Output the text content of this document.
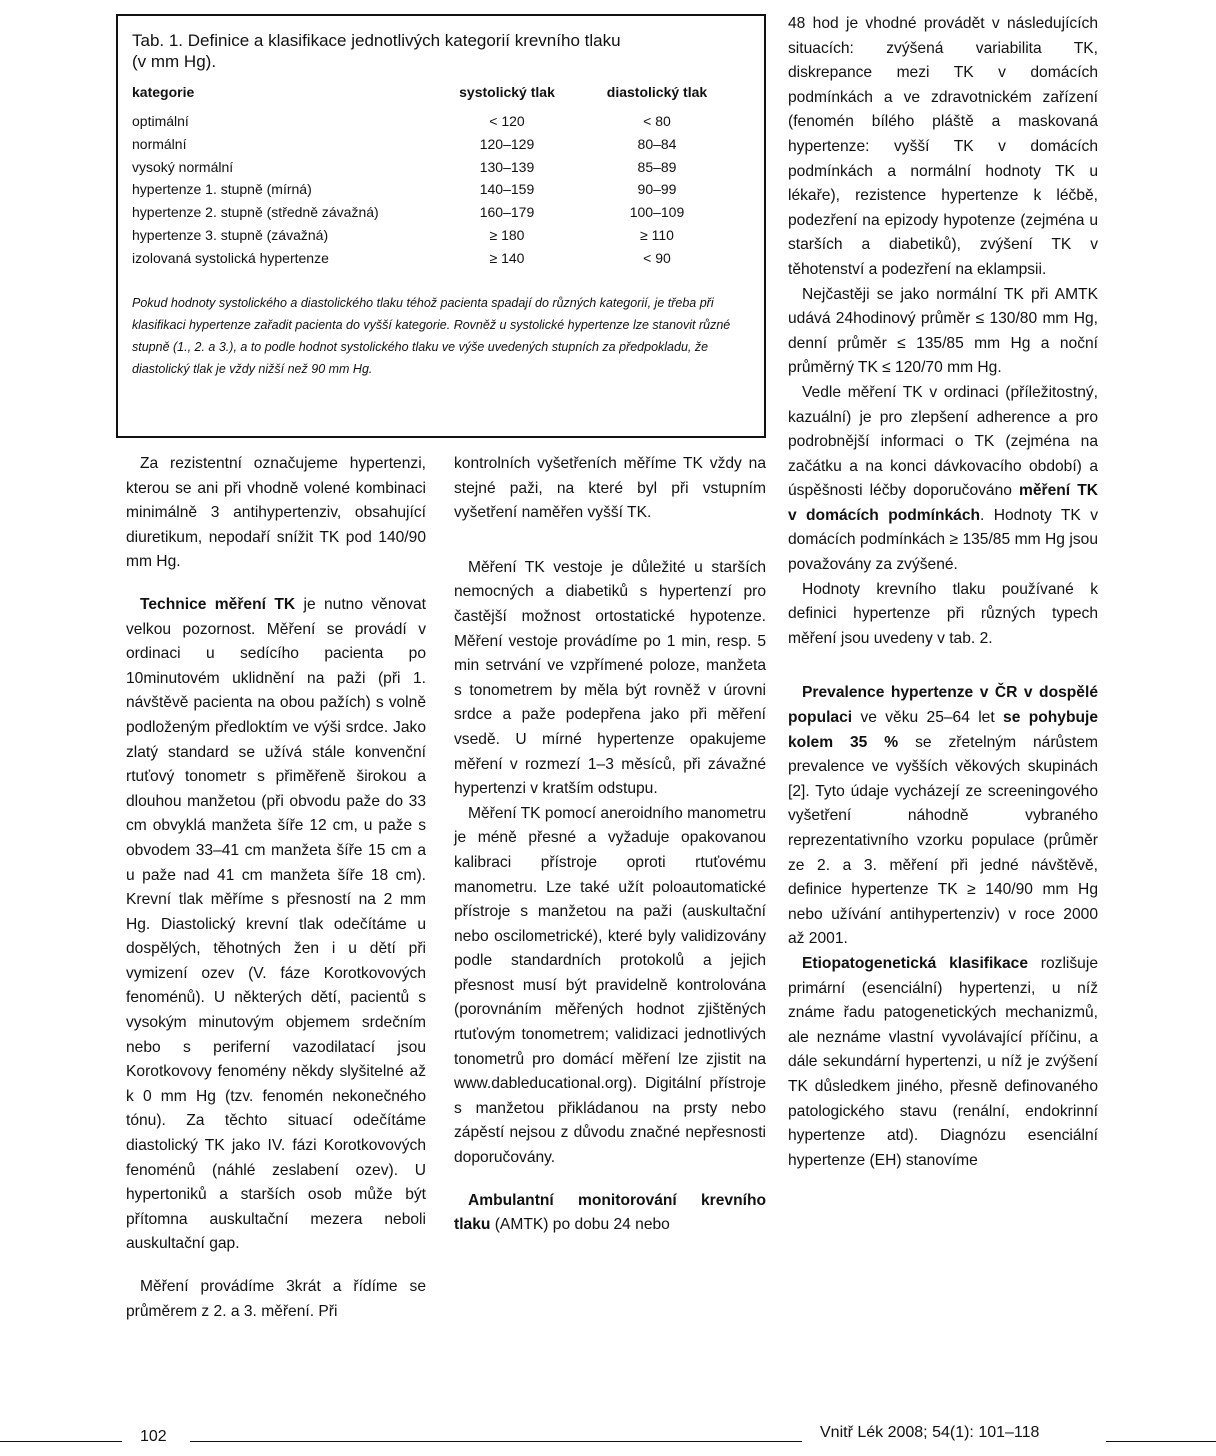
Tab. 1. Definice a klasifikace jednotlivých kategorií krevního tlaku
(v mm Hg).
kategorie	systolický tlak	diastolický tlak
optimální	< 120	< 80
normální	120–129	80–84
vysoký normální	130–139	85–89
hypertenze 1. stupně (mírná)	140–159	90–99
hypertenze 2. stupně (středně závažná)	160–179	100–109
hypertenze 3. stupně (závažná)	≥ 180	≥ 110
izolovaná systolická hypertenze	≥ 140	< 90
Pokud hodnoty systolického a diastolického tlaku téhož pacienta spadají do různých kategorií, je třeba při klasifikaci hypertenze zařadit pacienta do vyšší kategorie. Rovněž u systolické hypertenze lze stanovit různé stupně (1., 2. a 3.), a to podle hodnot systolického tlaku ve výše uvedených stupních za předpokladu, že diastolický tlak je vždy nižší než 90 mm Hg.

Za rezistentní označujeme hypertenzi, kterou se ani při vhodně volené kombinaci minimálně 3 antihypertenziv, obsahující diuretikum, nepodaří snížit TK pod 140/90 mm Hg.

Technice měření TK je nutno věnovat velkou pozornost. Měření se provádí v ordinaci u sedícího pacienta po 10minutovém uklidnění na paži (při 1. návštěvě pacienta na obou pažích) s volně podloženým předloktím ve výši srdce. Jako zlatý standard se užívá stále konvenční rtuťový tonometr s přiměřeně širokou a dlouhou manžetou (při obvodu paže do 33 cm obvyklá manžeta šíře 12 cm, u paže s obvodem 33–41 cm manžeta šíře 15 cm a u paže nad 41 cm manžeta šíře 18 cm). Krevní tlak měříme s přesností na 2 mm Hg. Diastolický krevní tlak odečítáme u dospělých, těhotných žen i u dětí při vymizení ozev (V. fáze Korotkovových fenoménů). U některých dětí, pacientů s vysokým minutovým objemem srdečním nebo s periferní vazodilatací jsou Korotkovovy fenomény někdy slyšitelné až k 0 mm Hg (tzv. fenomén nekonečného tónu). Za těchto situací odečítáme diastolický TK jako IV. fázi Korotkovových fenoménů (náhlé zeslabení ozev). U hypertoniků a starších osob může být přítomna auskultační mezera neboli auskultační gap.

Měření provádíme 3krát a řídíme se průměrem z 2. a 3. měření. Při

kontrolních vyšetřeních měříme TK vždy na stejné paži, na které byl při vstupním vyšetření naměřen vyšší TK.

Měření TK vestoje je důležité u starších nemocných a diabetiků s hypertenzí pro častější možnost ortostatické hypotenze. Měření vestoje provádíme po 1 min, resp. 5 min setrvání ve vzpřímené poloze, manžeta s tonometrem by měla být rovněž v úrovni srdce a paže podepřena jako při měření vsedě. U mírné hypertenze opakujeme měření v rozmezí 1–3 měsíců, při závažné hypertenzi v kratším odstupu.

Měření TK pomocí aneroidního manometru je méně přesné a vyžaduje opakovanou kalibraci přístroje oproti rtuťovému manometru. Lze také užít poloautomatické přístroje s manžetou na paži (auskultační nebo oscilometrické), které byly validizovány podle standardních protokolů a jejich přesnost musí být pravidelně kontrolována (porovnáním měřených hodnot zjištěných rtuťovým tonometrem; validizaci jednotlivých tonometrů pro domácí měření lze zjistit na www.dableducational.org). Digitální přístroje s manžetou přikládanou na prsty nebo zápěstí nejsou z důvodu značné nepřesnosti doporučovány.

Ambulantní monitorování krevního tlaku (AMTK) po dobu 24 nebo

48 hod je vhodné provádět v následujících situacích: zvýšená variabilita TK, diskrepance mezi TK v domácích podmínkách a ve zdravotnickém zařízení (fenomén bílého pláště a maskovaná hypertenze: vyšší TK v domácích podmínkách a normální hodnoty TK u lékaře), rezistence hypertenze k léčbě, podezření na epizody hypotenze (zejména u starších a diabetiků), zvýšení TK v těhotenství a podezření na eklampsii.

Nejčastěji se jako normální TK při AMTK udává 24hodinový průměr ≤ 130/80 mm Hg, denní průměr ≤ 135/85 mm Hg a noční průměrný TK ≤ 120/70 mm Hg.

Vedle měření TK v ordinaci (příležitostný, kazuální) je pro zlepšení adherence a pro podrobnější informaci o TK (zejména na začátku a na konci dávkovacího období) a úspěšnosti léčby doporučováno měření TK v domácích podmínkách. Hodnoty TK v domácích podmínkách ≥ 135/85 mm Hg jsou považovány za zvýšené.

Hodnoty krevního tlaku používané k definici hypertenze při různých typech měření jsou uvedeny v tab. 2.

Prevalence hypertenze v ČR v dospělé populaci ve věku 25–64 let se pohybuje kolem 35 % se zřetelným nárůstem prevalence ve vyšších věkových skupinách [2]. Tyto údaje vycházejí ze screeningového vyšetření náhodně vybraného reprezentativního vzorku populace (průměr ze 2. a 3. měření při jedné návštěvě, definice hypertenze TK ≥ 140/90 mm Hg nebo užívání antihypertenziv) v roce 2000 až 2001.

Etiopatogenetická klasifikace rozlišuje primární (esenciální) hypertenzi, u níž známe řadu patogenetických mechanizmů, ale neznáme vlastní vyvolávající příčinu, a dále sekundární hypertenzi, u níž je zvýšení TK důsledkem jiného, přesně definovaného patologického stavu (renální, endokrinní hypertenze atd). Diagnózu esenciální hypertenze (EH) stanovíme

102	Vnitř Lék 2008; 54(1): 101–118
